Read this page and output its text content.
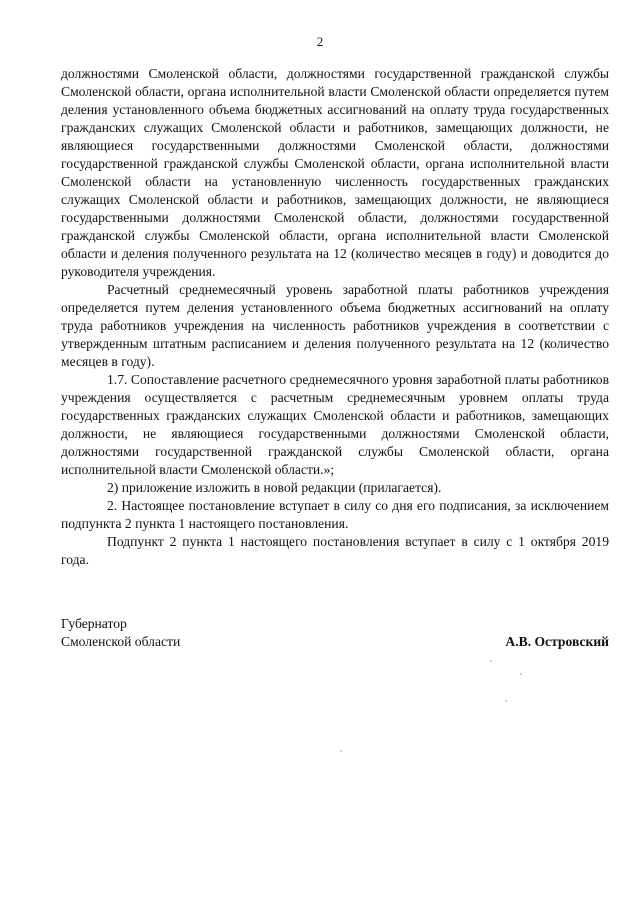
2

должностями Смоленской области, должностями государственной гражданской службы Смоленской области, органа исполнительной власти Смоленской области определяется путем деления установленного объема бюджетных ассигнований на оплату труда государственных гражданских служащих Смоленской области и работников, замещающих должности, не являющиеся государственными должностями Смоленской области, должностями государственной гражданской службы Смоленской области, органа исполнительной власти Смоленской области на установленную численность государственных гражданских служащих Смоленской области и работников, замещающих должности, не являющиеся государственными должностями Смоленской области, должностями государственной гражданской службы Смоленской области, органа исполнительной власти Смоленской области и деления полученного результата на 12 (количество месяцев в году) и доводится до руководителя учреждения.

Расчетный среднемесячный уровень заработной платы работников учреждения определяется путем деления установленного объема бюджетных ассигнований на оплату труда работников учреждения на численность работников учреждения в соответствии с утвержденным штатным расписанием и деления полученного результата на 12 (количество месяцев в году).

1.7. Сопоставление расчетного среднемесячного уровня заработной платы работников учреждения осуществляется с расчетным среднемесячным уровнем оплаты труда государственных гражданских служащих Смоленской области и работников, замещающих должности, не являющиеся государственными должностями Смоленской области, должностями государственной гражданской службы Смоленской области, органа исполнительной власти Смоленской области.»;

2) приложение изложить в новой редакции (прилагается).

2. Настоящее постановление вступает в силу со дня его подписания, за исключением подпункта 2 пункта 1 настоящего постановления.

Подпункт 2 пункта 1 настоящего постановления вступает в силу с 1 октября 2019 года.

Губернатор
Смоленской области	А.В. Островский
